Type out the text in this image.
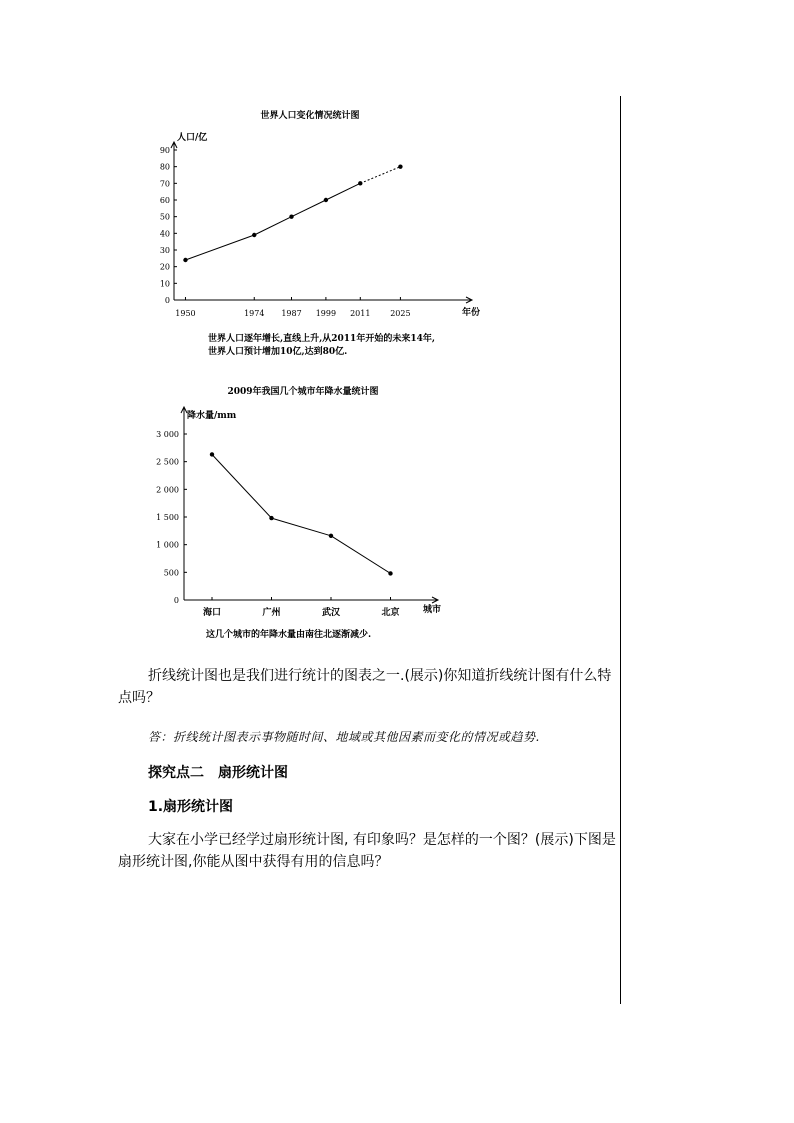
世界人口变化情况统计图
人口/亿
年份
0
10
20
30
40
50
60
70
80
90
1950	1974 1987 1999 2011 2025
世界人口逐年增长,直线上升,从2011年开始的未来14年,
世界人口预计增加10亿,达到80亿.
2009年我国几个城市年降水量统计图
降水量/mm
城市
0
500
1 000
1 500
2 000
2 500
3 000
海口	广州	武汉	北京
这几个城市的年降水量由南往北逐渐减少.

折线统计图也是我们进行统计的图表之一.(展示)你知道折线统计图有什么特点吗？

答：折线统计图表示事物随时间、地域或其他因素而变化的情况或趋势.

探究点二　扇形统计图

1.扇形统计图

大家在小学已经学过扇形统计图, 有印象吗？是怎样的一个图？(展示)下图是扇形统计图,你能从图中获得有用的信息吗？
